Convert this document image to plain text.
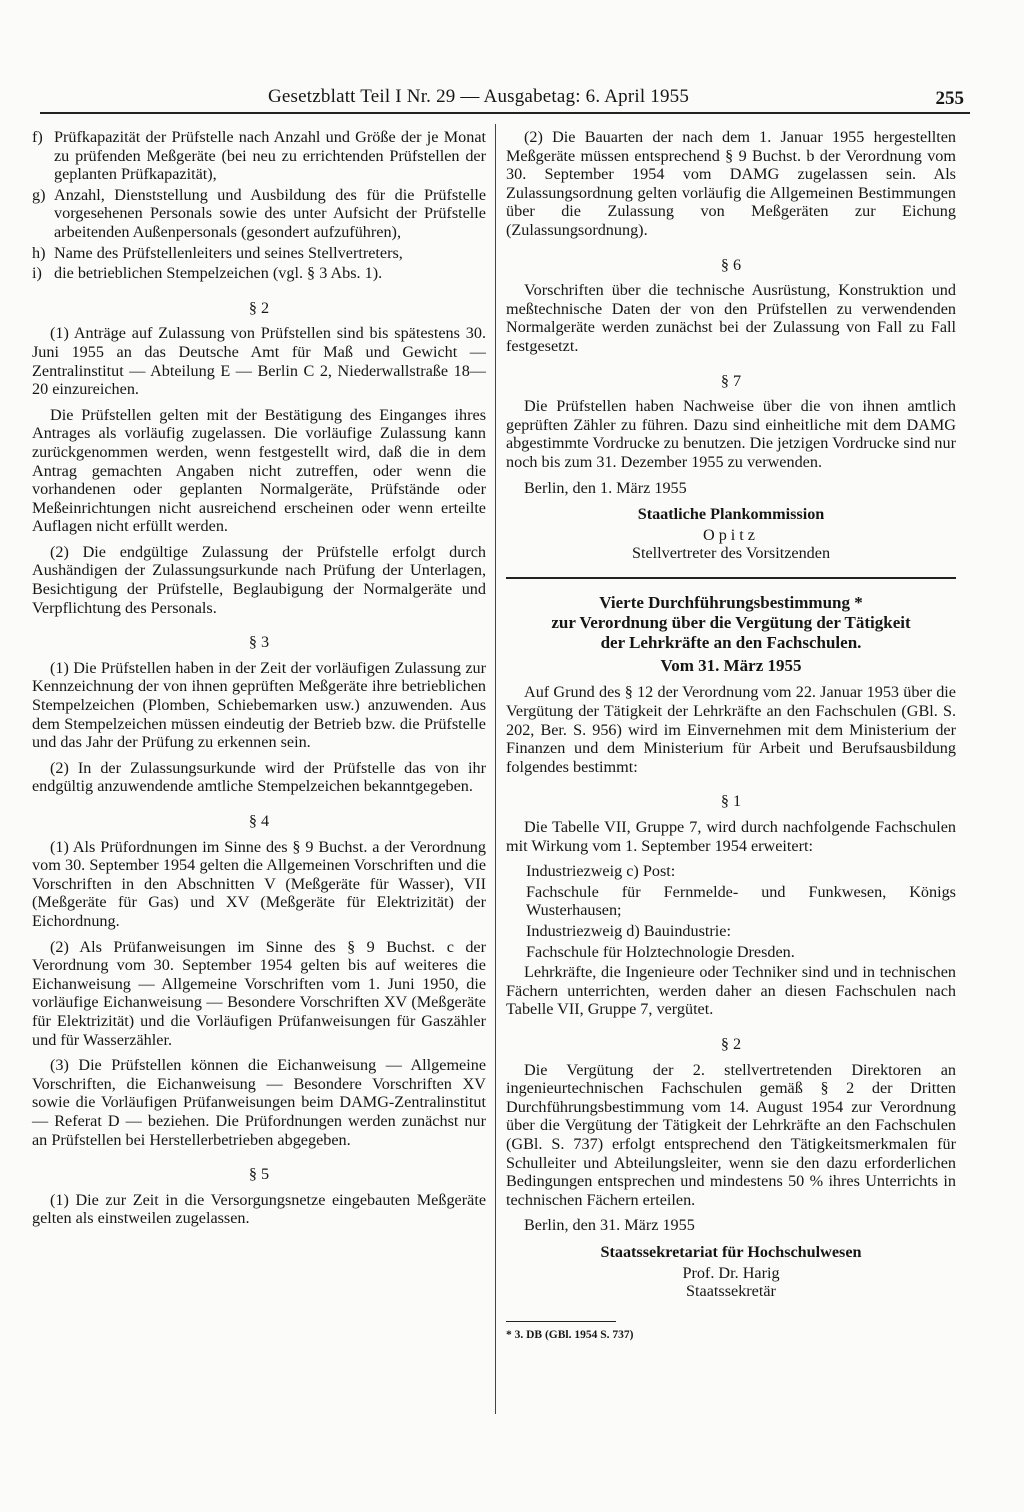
Gesetzblatt Teil I Nr. 29 — Ausgabetag: 6. April 1955	255
f) Prüfkapazität der Prüfstelle nach Anzahl und Größe der je Monat zu prüfenden Meßgeräte (bei neu zu errichtenden Prüfstellen der geplanten Prüfkapazität),
g) Anzahl, Dienststellung und Ausbildung des für die Prüfstelle vorgesehenen Personals sowie des unter Aufsicht der Prüfstelle arbeitenden Außenpersonals (gesondert aufzuführen),
h) Name des Prüfstellenleiters und seines Stellvertreters,
i) die betrieblichen Stempelzeichen (vgl. § 3 Abs. 1).
§ 2

(1) Anträge auf Zulassung von Prüfstellen sind bis spätestens 30. Juni 1955 an das Deutsche Amt für Maß und Gewicht — Zentralinstitut — Abteilung E — Berlin C 2, Niederwallstraße 18—20 einzureichen.

Die Prüfstellen gelten mit der Bestätigung des Einganges ihres Antrages als vorläufig zugelassen. Die vorläufige Zulassung kann zurückgenommen werden, wenn festgestellt wird, daß die in dem Antrag gemachten Angaben nicht zutreffen, oder wenn die vorhandenen oder geplanten Normalgeräte, Prüfstände oder Meßeinrichtungen nicht ausreichend erscheinen oder wenn erteilte Auflagen nicht erfüllt werden.

(2) Die endgültige Zulassung der Prüfstelle erfolgt durch Aushändigen der Zulassungsurkunde nach Prüfung der Unterlagen, Besichtigung der Prüfstelle, Beglaubigung der Normalgeräte und Verpflichtung des Personals.

§ 3

(1) Die Prüfstellen haben in der Zeit der vorläufigen Zulassung zur Kennzeichnung der von ihnen geprüften Meßgeräte ihre betrieblichen Stempelzeichen (Plomben, Schiebemarken usw.) anzuwenden. Aus dem Stempelzeichen müssen eindeutig der Betrieb bzw. die Prüfstelle und das Jahr der Prüfung zu erkennen sein.

(2) In der Zulassungsurkunde wird der Prüfstelle das von ihr endgültig anzuwendende amtliche Stempelzeichen bekanntgegeben.

§ 4

(1) Als Prüfordnungen im Sinne des § 9 Buchst. a der Verordnung vom 30. September 1954 gelten die Allgemeinen Vorschriften und die Vorschriften in den Abschnitten V (Meßgeräte für Wasser), VII (Meßgeräte für Gas) und XV (Meßgeräte für Elektrizität) der Eichordnung.

(2) Als Prüfanweisungen im Sinne des § 9 Buchst. c der Verordnung vom 30. September 1954 gelten bis auf weiteres die Eichanweisung — Allgemeine Vorschriften vom 1. Juni 1950, die vorläufige Eichanweisung — Besondere Vorschriften XV (Meßgeräte für Elektrizität) und die Vorläufigen Prüfanweisungen für Gaszähler und für Wasserzähler.

(3) Die Prüfstellen können die Eichanweisung — Allgemeine Vorschriften, die Eichanweisung — Besondere Vorschriften XV sowie die Vorläufigen Prüfanweisungen beim DAMG-Zentralinstitut — Referat D — beziehen. Die Prüfordnungen werden zunächst nur an Prüfstellen bei Herstellerbetrieben abgegeben.

§ 5

(1) Die zur Zeit in die Versorgungsnetze eingebauten Meßgeräte gelten als einstweilen zugelassen.

(2) Die Bauarten der nach dem 1. Januar 1955 hergestellten Meßgeräte müssen entsprechend § 9 Buchst. b der Verordnung vom 30. September 1954 vom DAMG zugelassen sein. Als Zulassungsordnung gelten vorläufig die Allgemeinen Bestimmungen über die Zulassung von Meßgeräten zur Eichung (Zulassungsordnung).

§ 6

Vorschriften über die technische Ausrüstung, Konstruktion und meßtechnische Daten der von den Prüfstellen zu verwendenden Normalgeräte werden zunächst bei der Zulassung von Fall zu Fall festgesetzt.

§ 7

Die Prüfstellen haben Nachweise über die von ihnen amtlich geprüften Zähler zu führen. Dazu sind einheitliche mit dem DAMG abgestimmte Vordrucke zu benutzen. Die jetzigen Vordrucke sind nur noch bis zum 31. Dezember 1955 zu verwenden.

Berlin, den 1. März 1955

Staatliche Plankommission

Opitz

Stellvertreter des Vorsitzenden

Vierte Durchführungsbestimmung *
zur Verordnung über die Vergütung der Tätigkeit
der Lehrkräfte an den Fachschulen.
Vom 31. März 1955

Auf Grund des § 12 der Verordnung vom 22. Januar 1953 über die Vergütung der Tätigkeit der Lehrkräfte an den Fachschulen (GBl. S. 202, Ber. S. 956) wird im Einvernehmen mit dem Ministerium der Finanzen und dem Ministerium für Arbeit und Berufsausbildung folgendes bestimmt:

§ 1

Die Tabelle VII, Gruppe 7, wird durch nachfolgende Fachschulen mit Wirkung vom 1. September 1954 erweitert:

Industriezweig c) Post:

Fachschule für Fernmelde- und Funkwesen, Königs Wusterhausen;

Industriezweig d) Bauindustrie:

Fachschule für Holztechnologie Dresden.

Lehrkräfte, die Ingenieure oder Techniker sind und in technischen Fächern unterrichten, werden daher an diesen Fachschulen nach Tabelle VII, Gruppe 7, vergütet.

§ 2

Die Vergütung der 2. stellvertretenden Direktoren an ingenieurtechnischen Fachschulen gemäß § 2 der Dritten Durchführungsbestimmung vom 14. August 1954 zur Verordnung über die Vergütung der Tätigkeit der Lehrkräfte an den Fachschulen (GBl. S. 737) erfolgt entsprechend den Tätigkeitsmerkmalen für Schulleiter und Abteilungsleiter, wenn sie den dazu erforderlichen Bedingungen entsprechen und mindestens 50 % ihres Unterrichts in technischen Fächern erteilen.

Berlin, den 31. März 1955

Staatssekretariat für Hochschulwesen

Prof. Dr. Harig

Staatssekretär

* 3. DB (GBl. 1954 S. 737)
